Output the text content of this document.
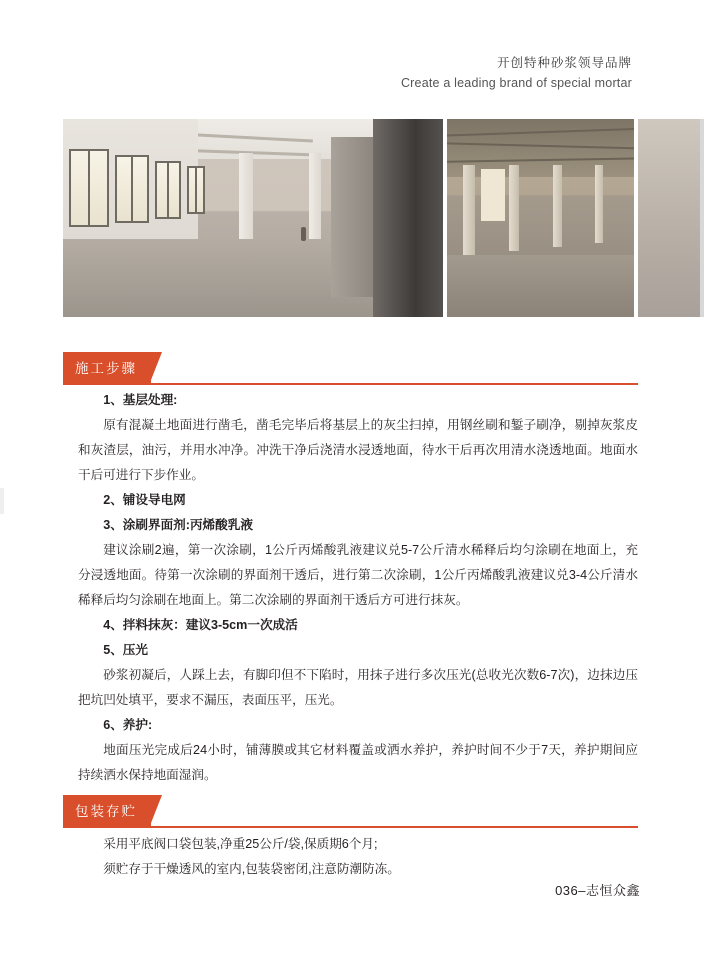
开创特种砂浆领导品牌
Create a leading brand of special mortar
施工步骤

1、基层处理:

原有混凝土地面进行凿毛，凿毛完毕后将基层上的灰尘扫掉，用钢丝刷和錾子刷净，剔掉灰浆皮和灰渣层，油污，并用水冲净。冲洗干净后浇清水浸透地面，待水干后再次用清水浇透地面。地面水干后可进行下步作业。

2、铺设导电网

3、涂刷界面剂:丙烯酸乳液

建议涂刷2遍，第一次涂刷，1公斤丙烯酸乳液建议兑5-7公斤清水稀释后均匀涂刷在地面上，充分浸透地面。待第一次涂刷的界面剂干透后，进行第二次涂刷，1公斤丙烯酸乳液建议兑3-4公斤清水稀释后均匀涂刷在地面上。第二次涂刷的界面剂干透后方可进行抹灰。

4、拌料抹灰：建议3-5cm一次成活

5、压光

砂浆初凝后，人踩上去，有脚印但不下陷时，用抹子进行多次压光(总收光次数6-7次)，边抹边压把坑凹处填平，要求不漏压，表面压平，压光。

6、养护:

地面压光完成后24小时，铺薄膜或其它材料覆盖或洒水养护，养护时间不少于7天，养护期间应持续洒水保持地面湿润。

包装存贮

采用平底阀口袋包装,净重25公斤/袋,保质期6个月;

须贮存于干燥透风的室内,包装袋密闭,注意防潮防冻。

036–志恒众鑫
